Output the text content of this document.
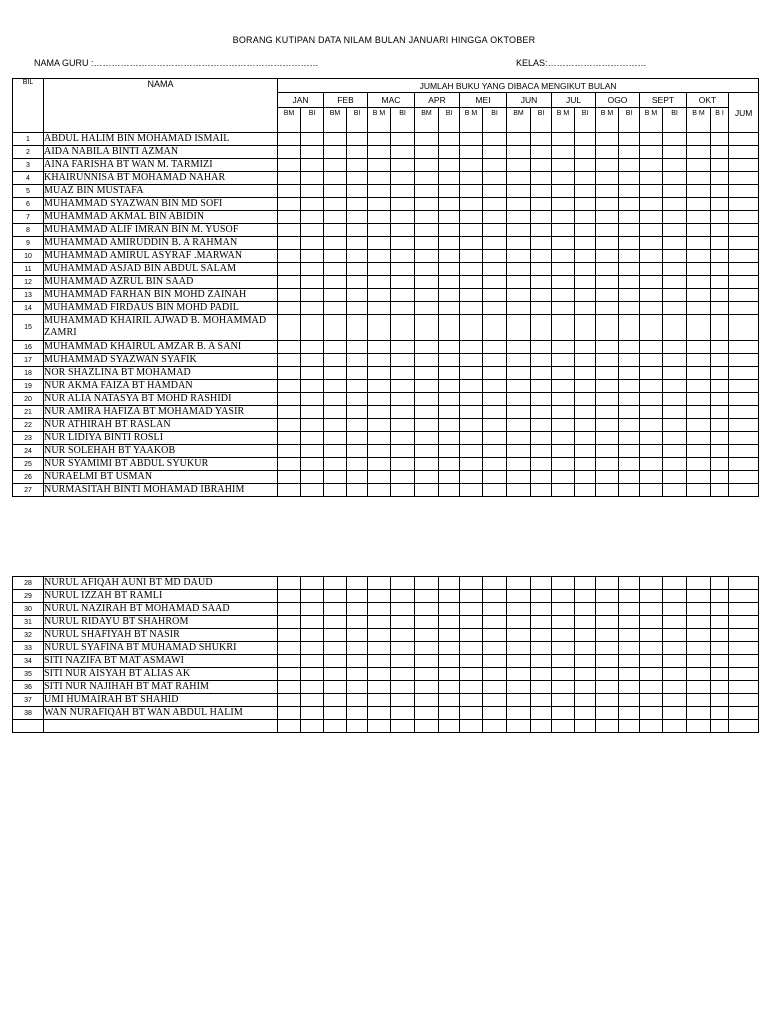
BORANG KUTIPAN DATA NILAM BULAN JANUARI HINGGA OKTOBER
NAMA GURU :…………………………………………………………………	KELAS:……………………………
BIL	NAMA	JUMLAH BUKU YANG DIBACA MENGIKUT BULAN																				
		JAN		FEB		MAC		APR		MEI		JUN		JUL		OGO		SEPT		OKT		JUM
		BM	BI	BM	BI	B M	BI	BM	BI	B M	BI	BM	BI	B M	BI	B M	BI	B M	BI	B M	B I	
1	ABDUL HALIM BIN MOHAMAD ISMAIL																					
2	AIDA NABILA BINTI AZMAN																					
3	AINA FARISHA BT WAN M. TARMIZI																					
4	KHAIRUNNISA BT MOHAMAD NAHAR																					
5	MUAZ BIN MUSTAFA																					
6	MUHAMMAD SYAZWAN BIN MD SOFI																					
7	MUHAMMAD AKMAL BIN ABIDIN																					
8	MUHAMMAD ALIF IMRAN BIN M. YUSOF																					
9	MUHAMMAD AMIRUDDIN B. A RAHMAN																					
10	MUHAMMAD AMIRUL ASYRAF .MARWAN																					
11	MUHAMMAD ASJAD BIN ABDUL SALAM																					
12	MUHAMMAD AZRUL BIN SAAD																					
13	MUHAMMAD FARHAN BIN MOHD ZAINAH																					
14	MUHAMMAD FIRDAUS BIN MOHD PADIL																					
15	MUHAMMAD KHAIRIL AJWAD B. MOHAMMAD ZAMRI																					
16	MUHAMMAD KHAIRUL AMZAR B. A SANI																					
17	MUHAMMAD SYAZWAN SYAFIK																					
18	NOR SHAZLINA BT MOHAMAD																					
19	NUR AKMA FAIZA BT HAMDAN																					
20	NUR ALIA NATASYA BT MOHD RASHIDI																					
21	NUR AMIRA HAFIZA BT MOHAMAD YASIR																					
22	NUR ATHIRAH BT RASLAN																					
23	NUR LIDIYA BINTI ROSLI																					
24	NUR SOLEHAH BT YAAKOB																					
25	NUR SYAMIMI BT ABDUL SYUKUR																					
26	NURAELMI BT USMAN																					
27	NURMASITAH BINTI MOHAMAD IBRAHIM																					
28	NURUL AFIQAH AUNI BT MD DAUD																					
29	NURUL IZZAH BT RAMLI																					
30	NURUL NAZIRAH BT MOHAMAD SAAD																					
31	NURUL RIDAYU BT SHAHROM																					
32	NURUL SHAFIYAH BT NASIR																					
33	NURUL SYAFINA BT MUHAMAD SHUKRI																					
34	SITI NAZIFA BT MAT ASMAWI																					
35	SITI NUR AISYAH BT ALIAS AK																					
36	SITI NUR NAJIHAH BT MAT RAHIM																					
37	UMI HUMAIRAH BT SHAHID																					
38	WAN NURAFIQAH BT WAN ABDUL HALIM																					
